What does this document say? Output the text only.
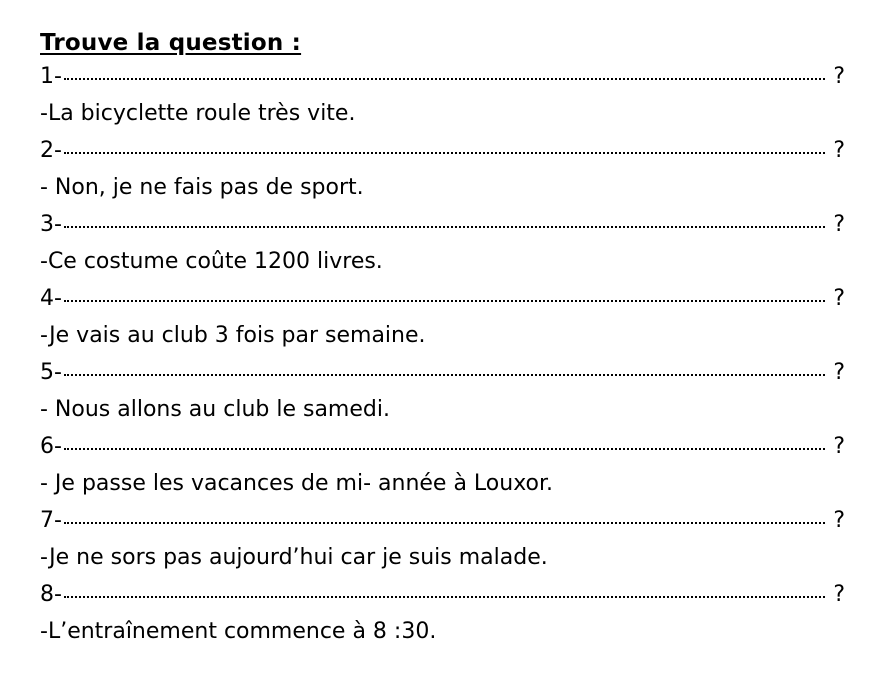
Trouve la question :
1-	?
-La bicyclette roule très vite.
2-	?
- Non, je ne fais pas de sport.
3-	?
-Ce costume coûte 1200 livres.
4-	?
-Je vais au club 3 fois par semaine.
5-	?
- Nous allons au club le samedi.
6-	?
- Je passe les vacances de mi- année à Louxor.
7-	?
-Je ne sors pas aujourd’hui car je suis malade.
8-	?
-L’entraînement commence à 8 :30.
